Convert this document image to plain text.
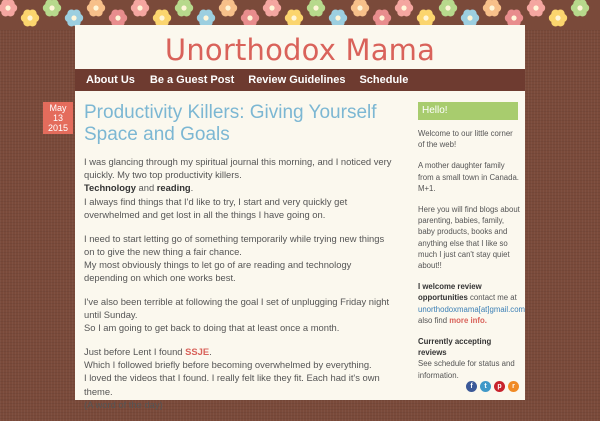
Unorthodox Mama
About Us	Be a Guest Post	Review Guidelines	Schedule
May
13
2015
Productivity Killers: Giving Yourself Space and Goals

I was glancing through my spiritual journal this morning, and I noticed very quickly. My two top productivity killers.
Technology and reading.
I always find things that I'd like to try, I start and very quickly get overwhelmed and get lost in all the things I have going on.

I need to start letting go of something temporarily while trying new things on to give the new thing a fair chance.
My most obviously things to let go of are reading and technology depending on which one works best.

I've also been terrible at following the goal I set of unplugging Friday night until Sunday.
So I am going to get back to doing that at least once a month.

Just before Lent I found SSJE.
Which I followed briefly before becoming overwhelmed by everything.
I loved the videos that I found. I really felt like they fit. Each had it's own theme.
(A word of the day)

Hello!

Welcome to our little corner of the web!

A mother daughter family from a small town in Canada. M+1.

Here you will find blogs about parenting, babies, family, baby products, books and anything else that I like so much I just can't stay quiet about!!

I welcome review opportunities contact me at
unorthodoxmama[at]gmail.com
also find more info.

Currently accepting reviews
See schedule for status and information.

f	t	p	r
